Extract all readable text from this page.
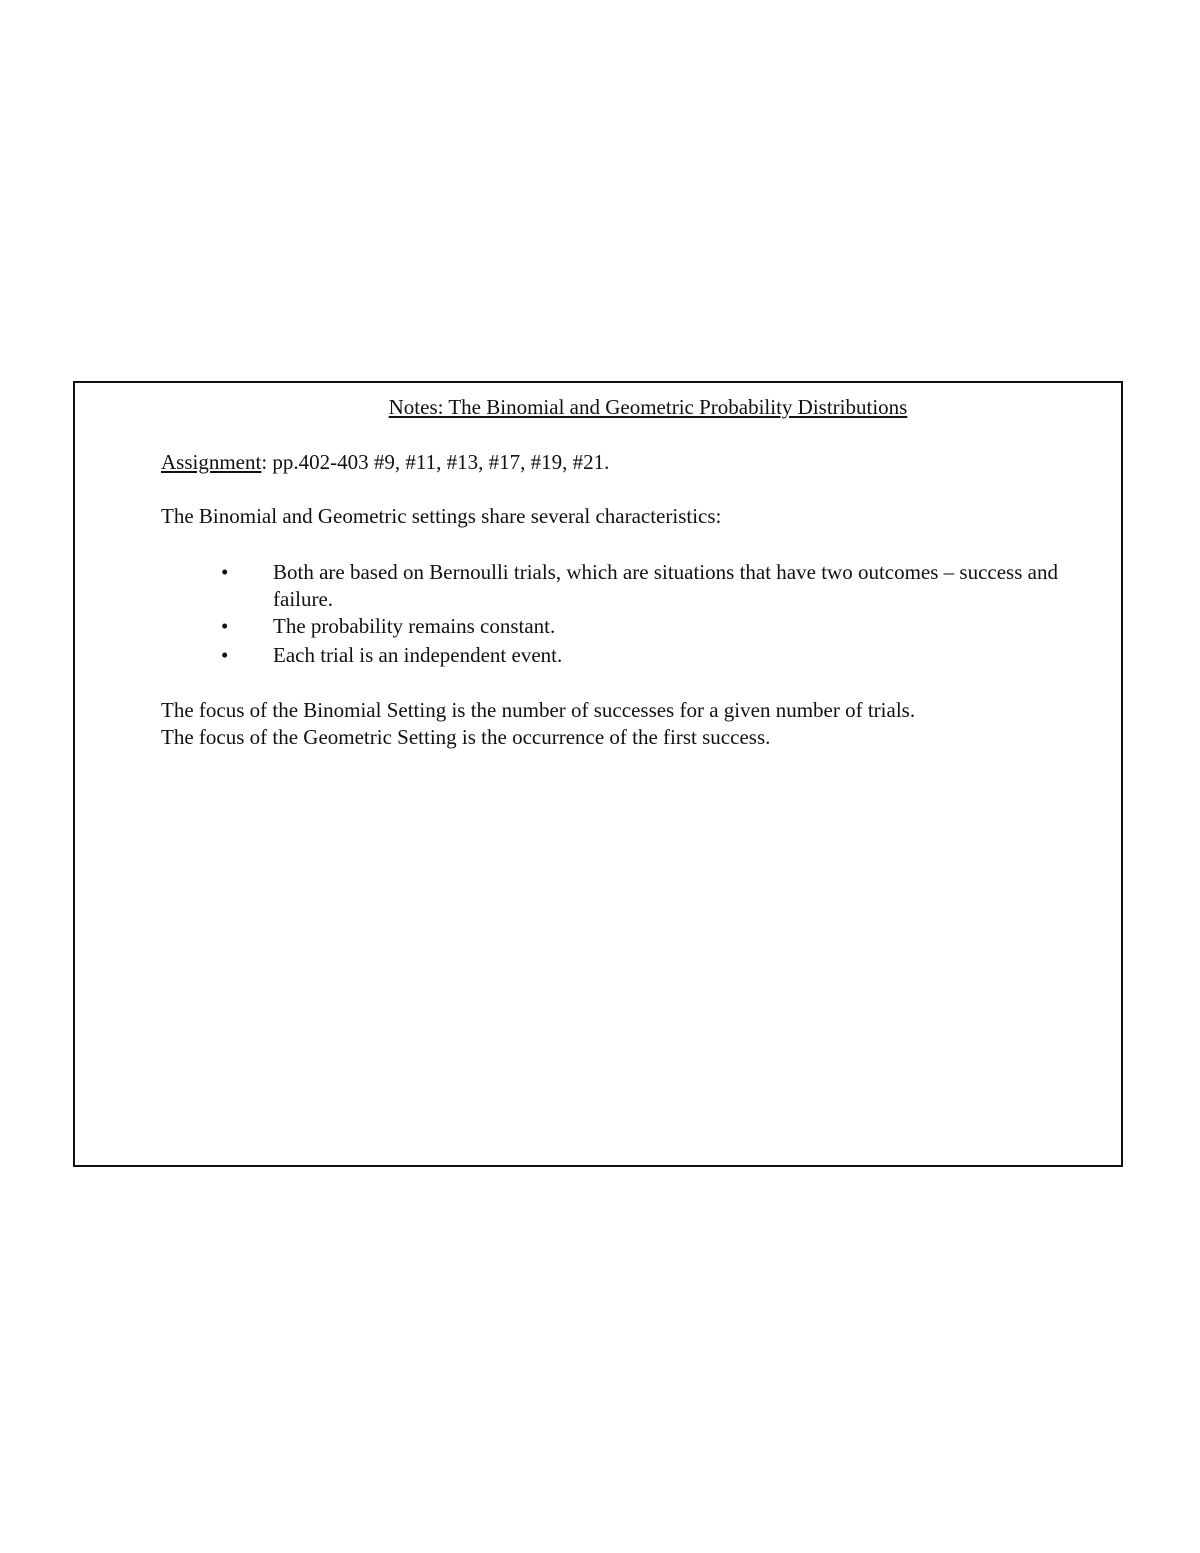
Notes: The Binomial and Geometric Probability Distributions

Assignment: pp.402-403 #9, #11, #13, #17, #19, #21.

The Binomial and Geometric settings share several characteristics:

• Both are based on Bernoulli trials, which are situations that have two outcomes – success and failure.
• The probability remains constant.
• Each trial is an independent event.

The focus of the Binomial Setting is the number of successes for a given number of trials.

The focus of the Geometric Setting is the occurrence of the first success.
